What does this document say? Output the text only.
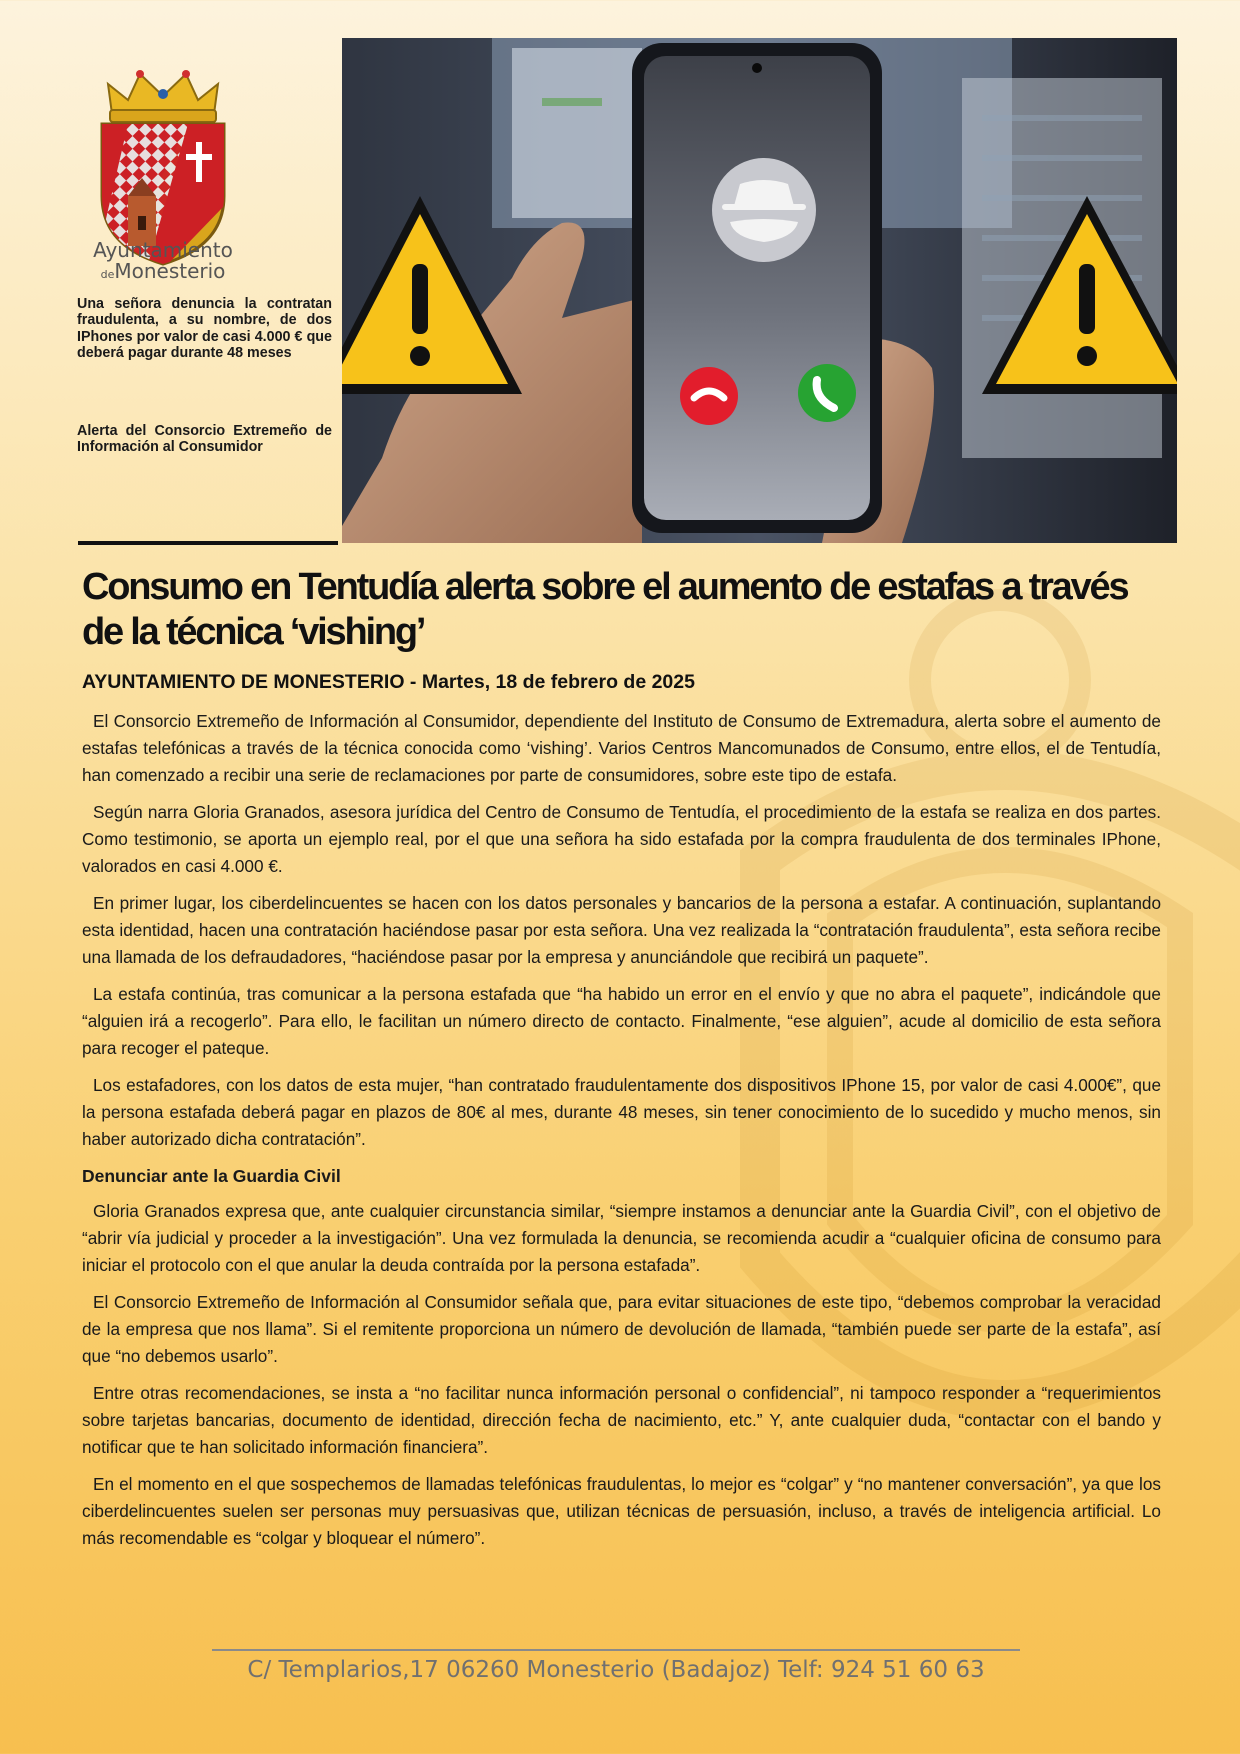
Ayuntamiento
deMonesterio
Una señora denuncia la contratan fraudulenta, a su nombre, de dos IPhones por valor de casi 4.000 € que deberá pagar durante 48 meses
Alerta del Consorcio Extremeño de Información al Consumidor
Consumo en Tentudía alerta sobre el aumento de estafas a través de la técnica ‘vishing’

AYUNTAMIENTO DE MONESTERIO - Martes, 18 de febrero de 2025

El Consorcio Extremeño de Información al Consumidor, dependiente del Instituto de Consumo de Extremadura, alerta sobre el aumento de estafas telefónicas a través de la técnica conocida como ‘vishing’. Varios Centros Mancomunados de Consumo, entre ellos, el de Tentudía, han comenzado a recibir una serie de reclamaciones por parte de consumidores, sobre este tipo de estafa.

Según narra Gloria Granados, asesora jurídica del Centro de Consumo de Tentudía, el procedimiento de la estafa se realiza en dos partes. Como testimonio, se aporta un ejemplo real, por el que una señora ha sido estafada por la compra fraudulenta de dos terminales IPhone, valorados en casi 4.000 €.

En primer lugar, los ciberdelincuentes se hacen con los datos personales y bancarios de la persona a estafar. A continuación, suplantando esta identidad, hacen una contratación haciéndose pasar por esta señora. Una vez realizada la “contratación fraudulenta”, esta señora recibe una llamada de los defraudadores, “haciéndose pasar por la empresa y anunciándole que recibirá un paquete”.

La estafa continúa, tras comunicar a la persona estafada que “ha habido un error en el envío y que no abra el paquete”, indicándole que “alguien irá a recogerlo”. Para ello, le facilitan un número directo de contacto. Finalmente, “ese alguien”, acude al domicilio de esta señora para recoger el pateque.

Los estafadores, con los datos de esta mujer, “han contratado fraudulentamente dos dispositivos IPhone 15, por valor de casi 4.000€”, que la persona estafada deberá pagar en plazos de 80€ al mes, durante 48 meses, sin tener conocimiento de lo sucedido y mucho menos, sin haber autorizado dicha contratación”.

Denunciar ante la Guardia Civil

Gloria Granados expresa que, ante cualquier circunstancia similar, “siempre instamos a denunciar ante la Guardia Civil”, con el objetivo de “abrir vía judicial y proceder a la investigación”. Una vez formulada la denuncia, se recomienda acudir a “cualquier oficina de consumo para iniciar el protocolo con el que anular la deuda contraída por la persona estafada”.

El Consorcio Extremeño de Información al Consumidor señala que, para evitar situaciones de este tipo, “debemos comprobar la veracidad de la empresa que nos llama”. Si el remitente proporciona un número de devolución de llamada, “también puede ser parte de la estafa”, así que “no debemos usarlo”.

Entre otras recomendaciones, se insta a “no facilitar nunca información personal o confidencial”, ni tampoco responder a “requerimientos sobre tarjetas bancarias, documento de identidad, dirección fecha de nacimiento, etc.” Y, ante cualquier duda, “contactar con el bando y notificar que te han solicitado información financiera”.

En el momento en el que sospechemos de llamadas telefónicas fraudulentas, lo mejor es “colgar” y “no mantener conversación”, ya que los ciberdelincuentes suelen ser personas muy persuasivas que, utilizan técnicas de persuasión, incluso, a través de inteligencia artificial. Lo más recomendable es “colgar y bloquear el número”.

C/ Templarios,17 06260 Monesterio (Badajoz) Telf: 924 51 60 63
